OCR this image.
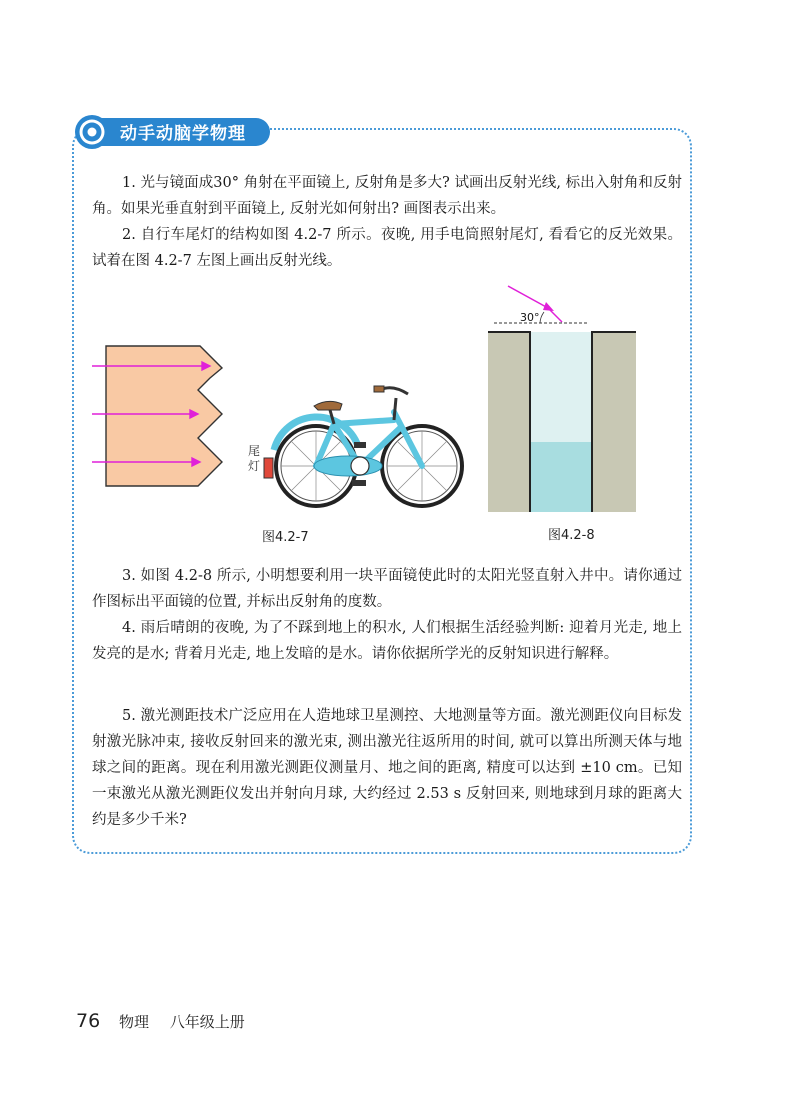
动手动脑学物理

1. 光与镜面成30° 角射在平面镜上, 反射角是多大? 试画出反射光线, 标出入射角和反射角。如果光垂直射到平面镜上, 反射光如何射出? 画图表示出来。

2. 自行车尾灯的结构如图 4.2-7 所示。夜晚, 用手电筒照射尾灯, 看看它的反光效果。试着在图 4.2-7 左图上画出反射光线。

尾灯
30°
图4.2-7	图4.2-8

3. 如图 4.2-8 所示, 小明想要利用一块平面镜使此时的太阳光竖直射入井中。请你通过作图标出平面镜的位置, 并标出反射角的度数。

4. 雨后晴朗的夜晚, 为了不踩到地上的积水, 人们根据生活经验判断: 迎着月光走, 地上发亮的是水; 背着月光走, 地上发暗的是水。请你依据所学光的反射知识进行解释。

5. 激光测距技术广泛应用在人造地球卫星测控、大地测量等方面。激光测距仪向目标发射激光脉冲束, 接收反射回来的激光束, 测出激光往返所用的时间, 就可以算出所测天体与地球之间的距离。现在利用激光测距仪测量月、地之间的距离, 精度可以达到 ±10 cm。已知一束激光从激光测距仪发出并射向月球, 大约经过 2.53 s 反射回来, 则地球到月球的距离大约是多少千米?

76 物理 八年级上册
